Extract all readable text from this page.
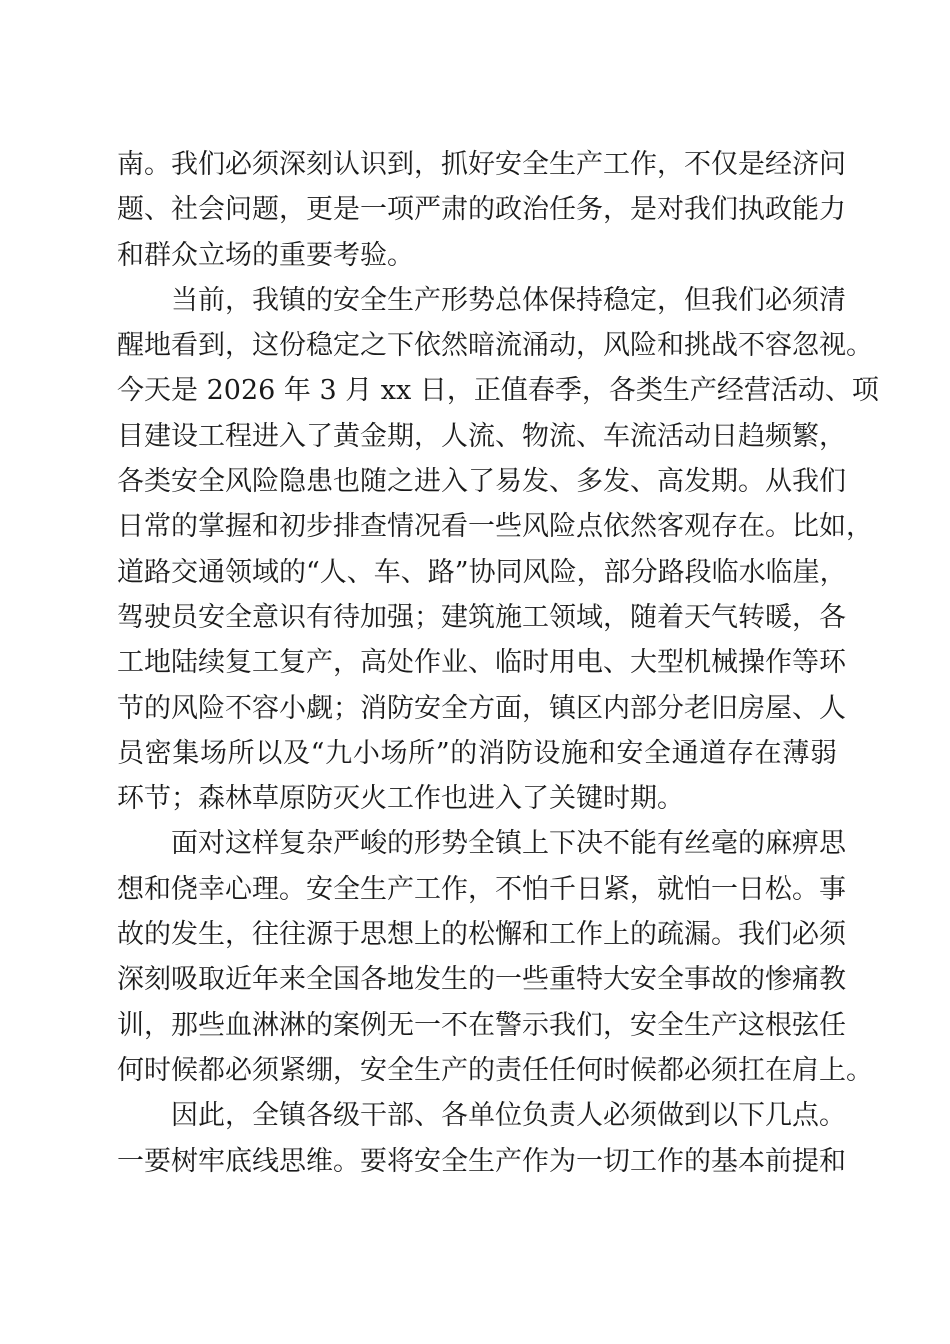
南。我们必须深刻认识到，抓好安全生产工作，不仅是经济问
题、社会问题，更是一项严肃的政治任务，是对我们执政能力
和群众立场的重要考验。
当前，我镇的安全生产形势总体保持稳定，但我们必须清
醒地看到，这份稳定之下依然暗流涌动，风险和挑战不容忽视。
今天是 2026 年 3 月 xx 日，正值春季，各类生产经营活动、项
目建设工程进入了黄金期，人流、物流、车流活动日趋频繁，
各类安全风险隐患也随之进入了易发、多发、高发期。从我们
日常的掌握和初步排查情况看一些风险点依然客观存在。比如，
道路交通领域的“人、车、路”协同风险，部分路段临水临崖，
驾驶员安全意识有待加强；建筑施工领域，随着天气转暖，各
工地陆续复工复产，高处作业、临时用电、大型机械操作等环
节的风险不容小觑；消防安全方面，镇区内部分老旧房屋、人
员密集场所以及“九小场所”的消防设施和安全通道存在薄弱
环节；森林草原防灭火工作也进入了关键时期。
面对这样复杂严峻的形势全镇上下决不能有丝毫的麻痹思
想和侥幸心理。安全生产工作，不怕千日紧，就怕一日松。事
故的发生，往往源于思想上的松懈和工作上的疏漏。我们必须
深刻吸取近年来全国各地发生的一些重特大安全事故的惨痛教
训，那些血淋淋的案例无一不在警示我们，安全生产这根弦任
何时候都必须紧绷，安全生产的责任任何时候都必须扛在肩上。
因此，全镇各级干部、各单位负责人必须做到以下几点。
一要树牢底线思维。要将安全生产作为一切工作的基本前提和
